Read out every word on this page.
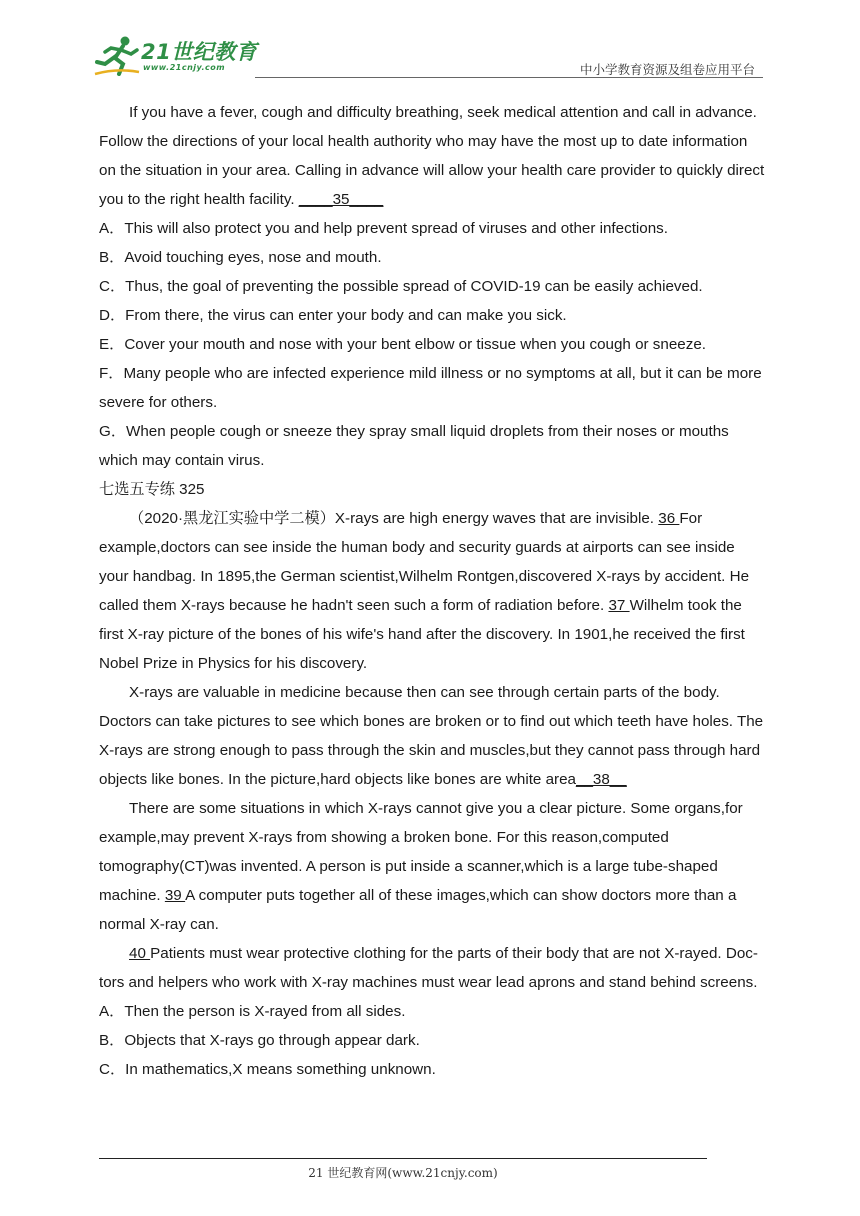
21世纪教育
www.21cnjy.com	中小学教育资源及组卷应用平台

If you have a fever, cough and difficulty breathing, seek medical attention and call in advance. Follow the directions of your local health authority who may have the most up to date information on the situation in your area. Calling in advance will allow your health care provider to quickly direct you to the right health facility. ____35____

A．This will also protect you and help prevent spread of viruses and other infections.

B．Avoid touching eyes, nose and mouth.

C．Thus, the goal of preventing the possible spread of COVID-19 can be easily achieved.

D．From there, the virus can enter your body and can make you sick.

E．Cover your mouth and nose with your bent elbow or tissue when you cough or sneeze.

F．Many people who are infected experience mild illness or no symptoms at all, but it can be more severe for others.

G．When people cough or sneeze they spray small liquid droplets from their noses or mouths which may contain virus.

七选五专练 325

（2020·黑龙江实验中学二模）X-rays are high energy waves that are invisible. 36 For example,doctors can see inside the human body and security guards at airports can see inside your handbag. In 1895,the German scientist,Wilhelm Rontgen,discovered X-rays by accident. He called them X-rays because he hadn't seen such a form of radiation before. 37 Wilhelm took the first X-ray picture of the bones of his wife's hand after the discovery. In 1901,he received the first Nobel Prize in Physics for his discovery.

X-rays are valuable in medicine because then can see through certain parts of the body. Doctors can take pictures to see which bones are broken or to find out which teeth have holes. The X-rays are strong enough to pass through the skin and muscles,but they cannot pass through hard objects like bones. In the picture,hard objects like bones are white area__38__

There are some situations in which X-rays cannot give you a clear picture. Some organs,for example,may prevent X-rays from showing a broken bone. For this reason,computed tomography(CT)was invented. A person is put inside a scanner,which is a large tube-shaped machine. 39 A computer puts together all of these images,which can show doctors more than a normal X-ray can.

40 Patients must wear protective clothing for the parts of their body that are not X-rayed. Doc- tors and helpers who work with X-ray machines must wear lead aprons and stand behind screens.

A．Then the person is X-rayed from all sides.

B．Objects that X-rays go through appear dark.

C．In mathematics,X means something unknown.

21 世纪教育网(www.21cnjy.com)
